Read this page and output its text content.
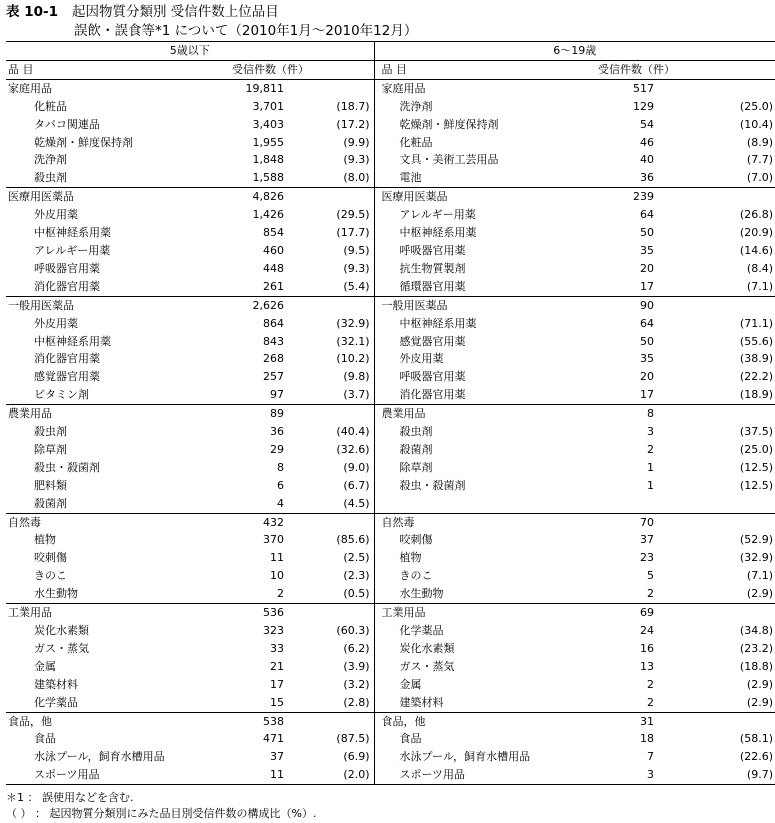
表 10-1 起因物質分類別 受信件数上位品目
誤飲・誤食等*1 について（2010年1月～2010年12月）
5歳以下			6～19歳		
品 目	受信件数（件）		品 目	受信件数（件）	
家庭用品	19,811		家庭用品	517	
化粧品	3,701	(18.7)	洗浄剤	129	(25.0)
タバコ関連品	3,403	(17.2)	乾燥剤・鮮度保持剤	54	(10.4)
乾燥剤・鮮度保持剤	1,955	(9.9)	化粧品	46	(8.9)
洗浄剤	1,848	(9.3)	文具・美術工芸用品	40	(7.7)
殺虫剤	1,588	(8.0)	電池	36	(7.0)
医療用医薬品	4,826		医療用医薬品	239	
外皮用薬	1,426	(29.5)	アレルギー用薬	64	(26.8)
中枢神経系用薬	854	(17.7)	中枢神経系用薬	50	(20.9)
アレルギー用薬	460	(9.5)	呼吸器官用薬	35	(14.6)
呼吸器官用薬	448	(9.3)	抗生物質製剤	20	(8.4)
消化器官用薬	261	(5.4)	循環器官用薬	17	(7.1)
一般用医薬品	2,626		一般用医薬品	90	
外皮用薬	864	(32.9)	中枢神経系用薬	64	(71.1)
中枢神経系用薬	843	(32.1)	感覚器官用薬	50	(55.6)
消化器官用薬	268	(10.2)	外皮用薬	35	(38.9)
感覚器官用薬	257	(9.8)	呼吸器官用薬	20	(22.2)
ビタミン剤	97	(3.7)	消化器官用薬	17	(18.9)
農業用品	89		農業用品	8	
殺虫剤	36	(40.4)	殺虫剤	3	(37.5)
除草剤	29	(32.6)	殺菌剤	2	(25.0)
殺虫・殺菌剤	8	(9.0)	除草剤	1	(12.5)
肥料類	6	(6.7)	殺虫・殺菌剤	1	(12.5)
殺菌剤	4	(4.5)			
自然毒	432		自然毒	70	
植物	370	(85.6)	咬刺傷	37	(52.9)
咬刺傷	11	(2.5)	植物	23	(32.9)
きのこ	10	(2.3)	きのこ	5	(7.1)
水生動物	2	(0.5)	水生動物	2	(2.9)
工業用品	536		工業用品	69	
炭化水素類	323	(60.3)	化学薬品	24	(34.8)
ガス・蒸気	33	(6.2)	炭化水素類	16	(23.2)
金属	21	(3.9)	ガス・蒸気	13	(18.8)
建築材料	17	(3.2)	金属	2	(2.9)
化学薬品	15	(2.8)	建築材料	2	(2.9)
食品，他	538		食品，他	31	
食品	471	(87.5)	食品	18	(58.1)
水泳プール，飼育水槽用品	37	(6.9)	水泳プール，飼育水槽用品	7	(22.6)
スポーツ用品	11	(2.0)	スポーツ用品	3	(9.7)
＊1 ： 誤使用などを含む.
（ ） ： 起因物質分類別にみた品目別受信件数の構成比（%）.
